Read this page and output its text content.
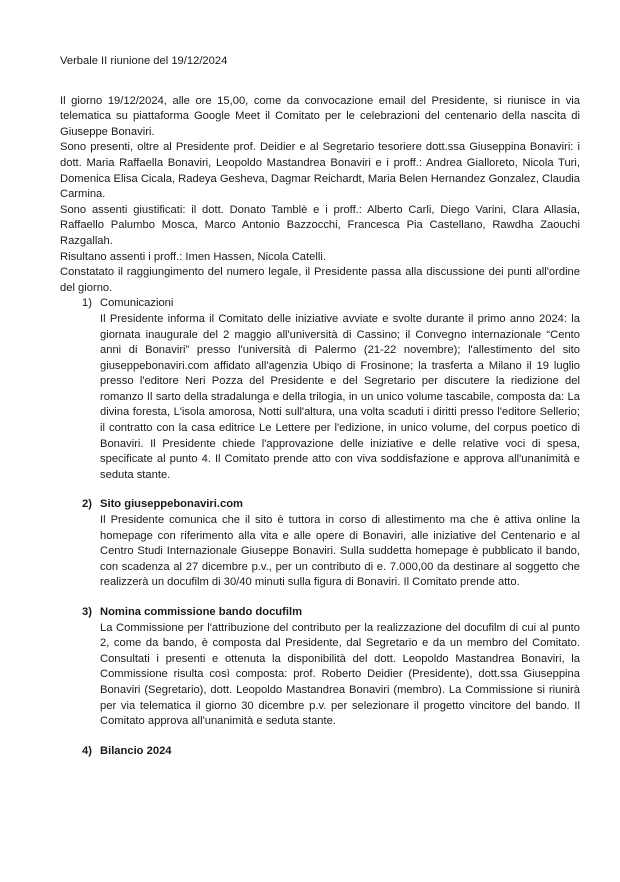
Verbale II riunione del 19/12/2024

Il giorno 19/12/2024, alle ore 15,00, come da convocazione email del Presidente, si riunisce in via telematica su piattaforma Google Meet il Comitato per le celebrazioni del centenario della nascita di Giuseppe Bonaviri.

Sono presenti, oltre al Presidente prof. Deidier e al Segretario tesoriere dott.ssa Giuseppina Bonaviri: i dott. Maria Raffaella Bonaviri, Leopoldo Mastandrea Bonaviri e i proff.: Andrea Gialloreto, Nicola Turi, Domenica Elisa Cicala, Radeya Gesheva, Dagmar Reichardt, Maria Belen Hernandez Gonzalez, Claudia Carmina.

Sono assenti giustificati: il dott. Donato Tamblè e i proff.: Alberto Carli, Diego Varini, Clara Allasia, Raffaello Palumbo Mosca, Marco Antonio Bazzocchi, Francesca Pia Castellano, Rawdha Zaouchi Razgallah.

Risultano assenti i proff.: Imen Hassen, Nicola Catelli.

Constatato il raggiungimento del numero legale, il Presidente passa alla discussione dei punti all'ordine del giorno.

1) Comunicazioni

Il Presidente informa il Comitato delle iniziative avviate e svolte durante il primo anno 2024: la giornata inaugurale del 2 maggio all'università di Cassino; il Convegno internazionale “Cento anni di Bonaviri” presso l'università di Palermo (21-22 novembre); l'allestimento del sito giuseppebonaviri.com affidato all'agenzia Ubiqo di Frosinone; la trasferta a Milano il 19 luglio presso l'editore Neri Pozza del Presidente e del Segretario per discutere la riedizione del romanzo Il sarto della stradalunga e della trilogia, in un unico volume tascabile, composta da: La divina foresta, L'isola amorosa, Notti sull'altura, una volta scaduti i diritti presso l'editore Sellerio; il contratto con la casa editrice Le Lettere per l'edizione, in unico volume, del corpus poetico di Bonaviri. Il Presidente chiede l'approvazione delle iniziative e delle relative voci di spesa, specificate al punto 4. Il Comitato prende atto con viva soddisfazione e approva all'unanimità e seduta stante.

2) Sito giuseppebonaviri.com

Il Presidente comunica che il sito è tuttora in corso di allestimento ma che è attiva online la homepage con riferimento alla vita e alle opere di Bonaviri, alle iniziative del Centenario e al Centro Studi Internazionale Giuseppe Bonaviri. Sulla suddetta homepage è pubblicato il bando, con scadenza al 27 dicembre p.v., per un contributo di e. 7.000,00 da destinare al soggetto che realizzerà un docufilm di 30/40 minuti sulla figura di Bonaviri. Il Comitato prende atto.

3) Nomina commissione bando docufilm

La Commissione per l'attribuzione del contributo per la realizzazione del docufilm di cui al punto 2, come da bando, è composta dal Presidente, dal Segretario e da un membro del Comitato. Consultati i presenti e ottenuta la disponibilità del dott. Leopoldo Mastandrea Bonaviri, la Commissione risulta così composta: prof. Roberto Deidier (Presidente), dott.ssa Giuseppina Bonaviri (Segretario), dott. Leopoldo Mastandrea Bonaviri (membro). La Commissione si riunirà per via telematica il giorno 30 dicembre p.v. per selezionare il progetto vincitore del bando. Il Comitato approva all'unanimità e seduta stante.

4) Bilancio 2024
